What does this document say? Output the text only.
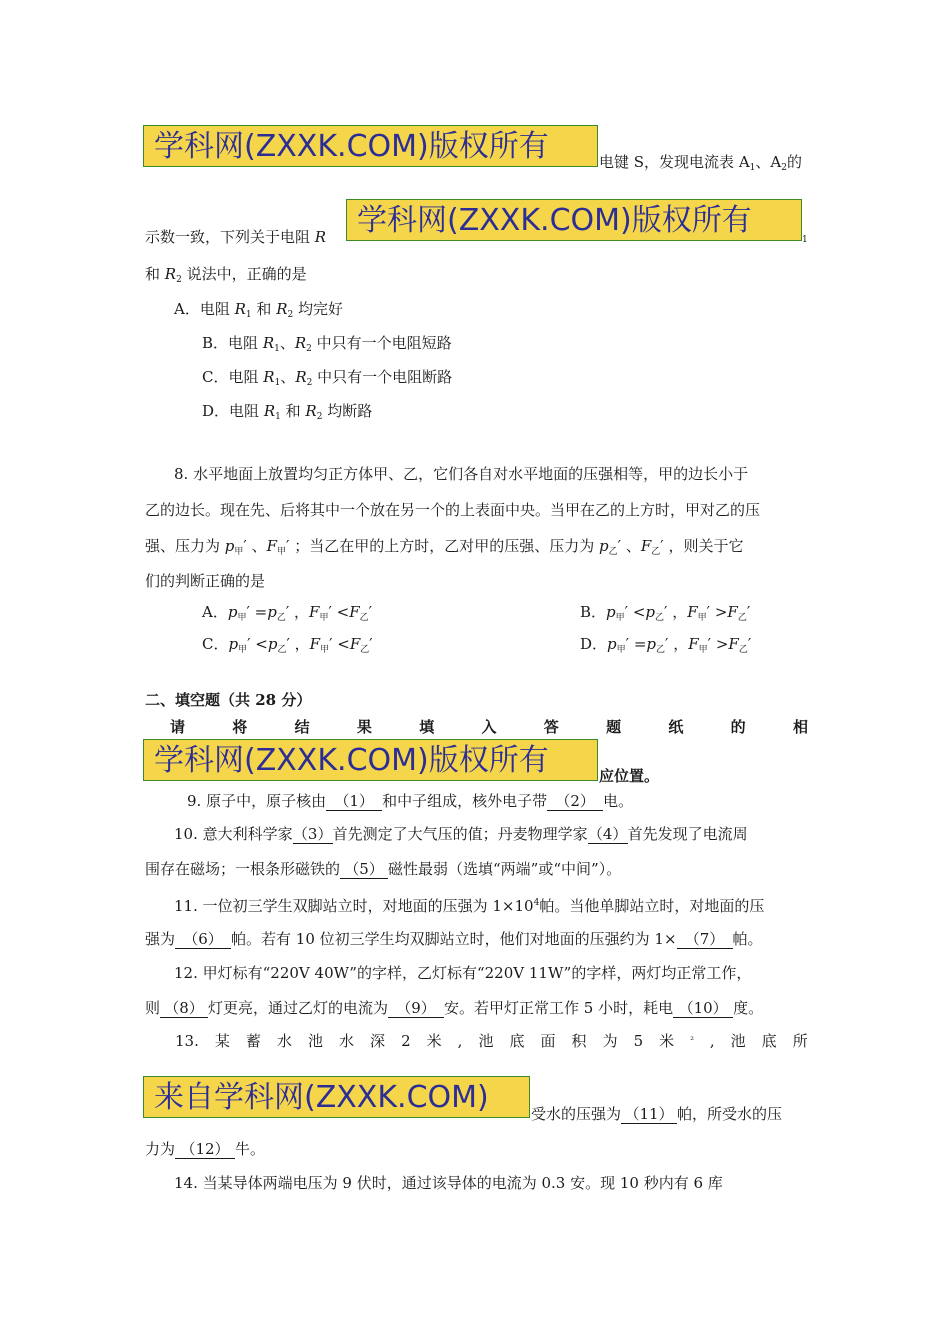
学科网(ZXXK.COM)版权所有	电键 S，发现电流表 $A_1$、$A_2$的
示数一致，下列关于电阻 R	学科网(ZXXK.COM)版权所有
1
和 $R_2$ 说法中，正确的是
A．电阻 $R_1$ 和 $R_2$ 均完好
B．电阻 $R_1$、$R_2$ 中只有一个电阻短路
C．电阻 $R_1$、$R_2$ 中只有一个电阻断路
D．电阻 $R_1$ 和 $R_2$ 均断路
8. 水平地面上放置均匀正方体甲、乙，它们各自对水平地面的压强相等，甲的边长小于
乙的边长。现在先、后将其中一个放在另一个的上表面中央。当甲在乙的上方时，甲对乙的压
强、压力为 $p_甲'$ 、$F_甲'$ ；当乙在甲的上方时，乙对甲的压强、压力为 $p_乙'$ 、$F_乙'$ ，则关于它
们的判断正确的是
A．$p_甲' =p_乙'$ ，$F_甲' <F_乙'$	B．$p_甲' <p_乙'$ ，$F_甲' >F_乙'$
C．$p_甲' <p_乙'$ ，$F_甲' <F_乙'$	D．$p_甲' =p_乙'$ ，$F_甲' >F_乙'$
二、填空题（共 28 分）
请	将	结	果	填	入	答	题	纸	的	相
学科网(ZXXK.COM)版权所有	应位置。
9. 原子中，原子核由 （1） 和中子组成，核外电子带 （2） 电。
10. 意大利科学家（3）首先测定了大气压的值；丹麦物理学家（4）首先发现了电流周
围存在磁场；一根条形磁铁的 （5） 磁性最弱（选填“两端”或“中间”）。
11. 一位初三学生双脚站立时，对地面的压强为 $1\times 10^4$帕。当他单脚站立时，对地面的压
强为 （6） 帕。若有 10 位初三学生均双脚站立时，他们对地面的压强约为 1× （7） 帕。
12. 甲灯标有“220V 40W”的字样，乙灯标有“220V 11W”的字样，两灯均正常工作，
则 （8） 灯更亮，通过乙灯的电流为 （9） 安。若甲灯正常工作 5 小时，耗电 （10） 度。
13. 某 蓄 水 池 水 深 2 米 , 池 底 面 积 为 5 米 ² , 池 底 所
来自学科网(ZXXK.COM)	受水的压强为 （11） 帕，所受水的压
力为 （12） 牛。
14. 当某导体两端电压为 9 伏时，通过该导体的电流为 0.3 安。现 10 秒内有 6 库
